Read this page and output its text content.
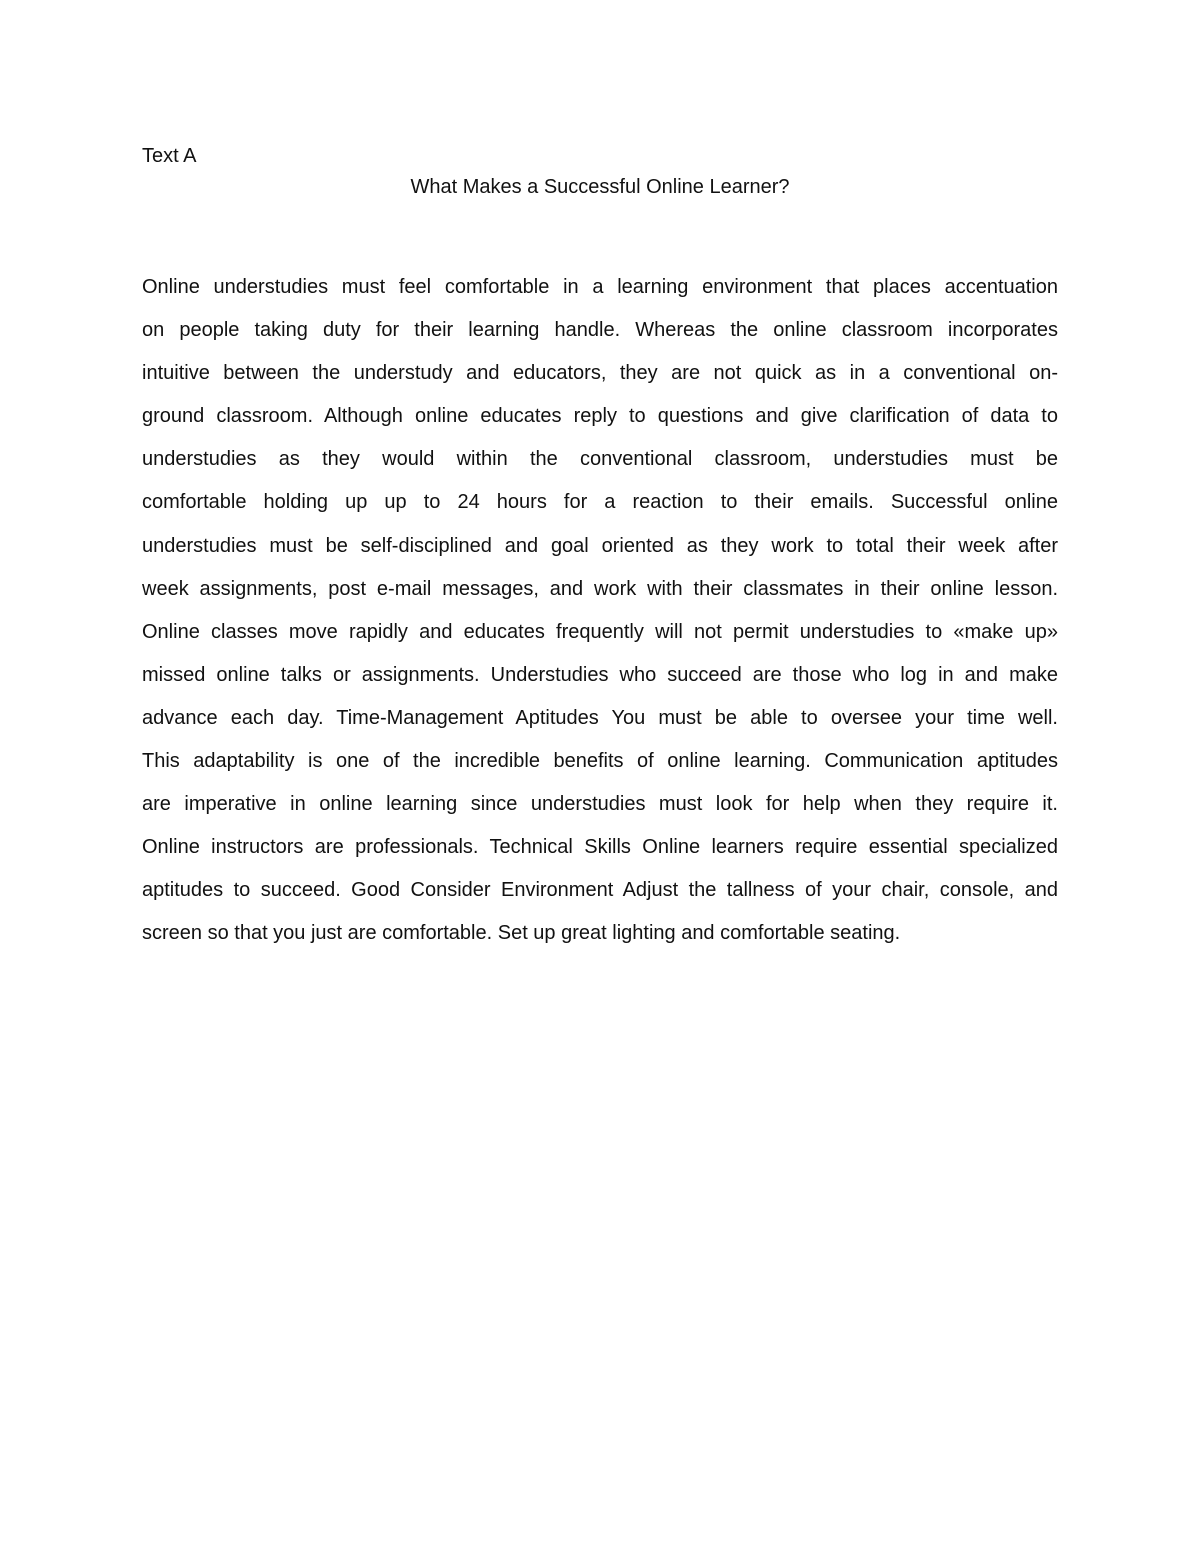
Text A

What Makes a Successful Online Learner?
Online understudies must feel comfortable in a learning environment that places accentuation
on people taking duty for their learning handle. Whereas the online classroom incorporates
intuitive between the understudy and educators, they are not quick as in a conventional on-
ground classroom. Although online educates reply to questions and give clarification of data to
understudies as they would within the conventional classroom, understudies must be
comfortable holding up up to 24 hours for a reaction to their emails. Successful online
understudies must be self-disciplined and goal oriented as they work to total their week after
week assignments, post e-mail messages, and work with their classmates in their online lesson.
Online classes move rapidly and educates frequently will not permit understudies to «make up»
missed online talks or assignments. Understudies who succeed are those who log in and make
advance each day. Time-Management Aptitudes You must be able to oversee your time well.
This adaptability is one of the incredible benefits of online learning. Communication aptitudes
are imperative in online learning since understudies must look for help when they require it.
Online instructors are professionals. Technical Skills Online learners require essential specialized
aptitudes to succeed. Good Consider Environment Adjust the tallness of your chair, console, and
screen so that you just are comfortable. Set up great lighting and comfortable seating.
